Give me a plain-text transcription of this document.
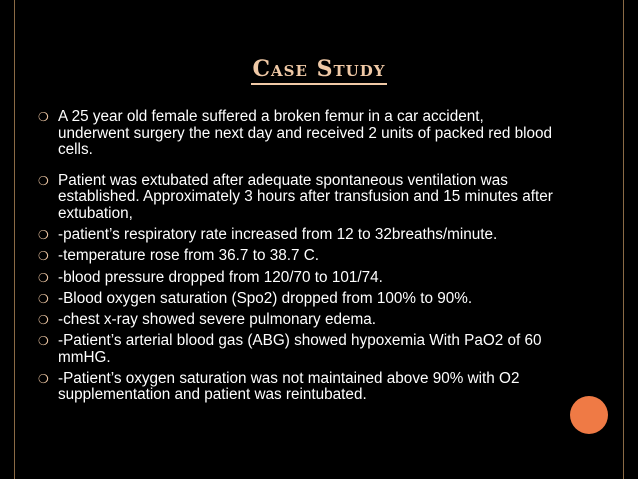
Case Study
❍ A 25 year old female suffered a broken femur in a car accident, underwent surgery the next day and received 2 units of packed red blood cells.
❍ Patient was extubated after adequate spontaneous ventilation was established. Approximately 3 hours after transfusion and 15 minutes after extubation,
❍ -patient’s respiratory rate increased from 12 to 32breaths/minute.
❍ -temperature rose from 36.7 to 38.7 C.
❍ -blood pressure dropped from 120/70 to 101/74.
❍ -Blood oxygen saturation (Spo2) dropped from 100% to 90%.
❍ -chest x-ray showed severe pulmonary edema.
❍ -Patient’s arterial blood gas (ABG) showed hypoxemia With PaO2 of 60 mmHG.
❍ -Patient’s oxygen saturation was not maintained above 90% with O2 supplementation and patient was reintubated.
